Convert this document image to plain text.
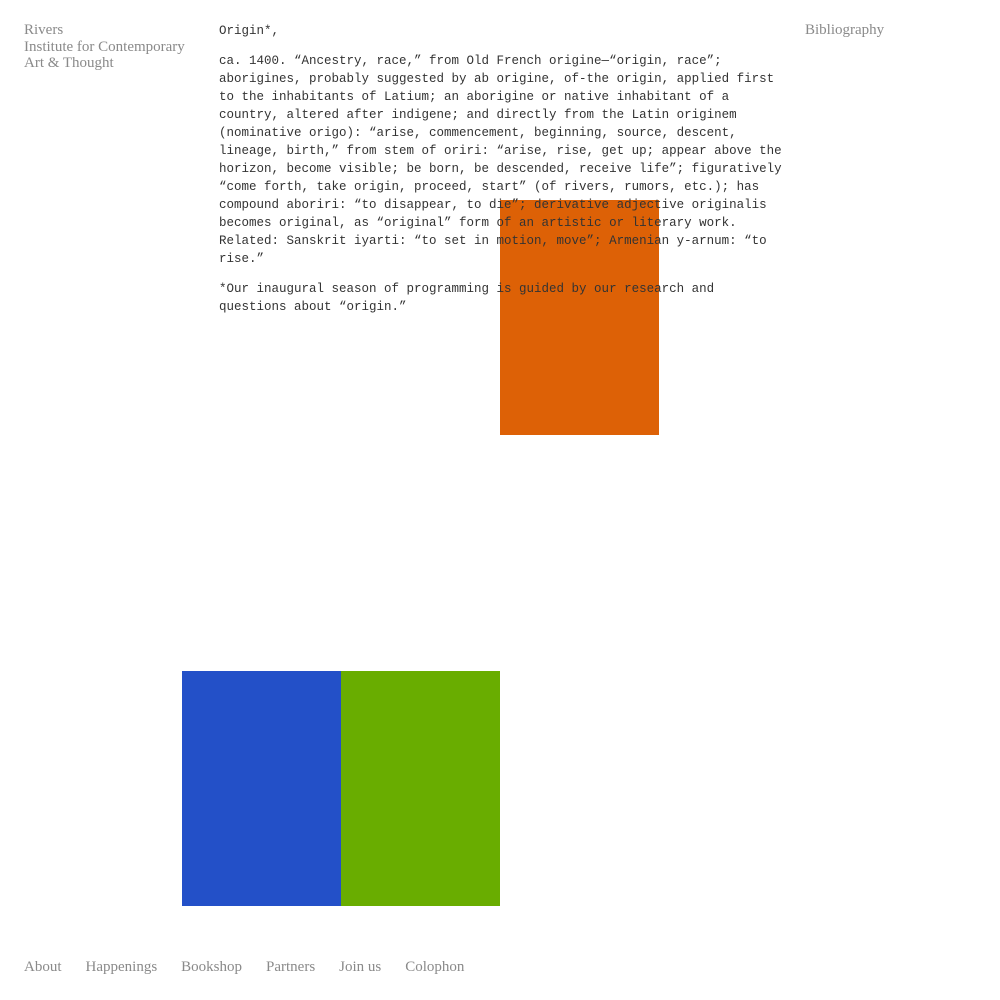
Rivers
Institute for Contemporary
Art & Thought
Bibliography

Origin*,

ca. 1400. “Ancestry, race,” from Old French origine—“origin, race”; aborigines, probably suggested by ab origine, of-the origin, applied first to the inhabitants of Latium; an aborigine or native inhabitant of a country, altered after indigene; and directly from the Latin originem (nominative origo): “arise, commencement, beginning, source, descent, lineage, birth,” from stem of oriri: “arise, rise, get up; appear above the horizon, become visible; be born, be descended, receive life”; figuratively “come forth, take origin, proceed, start” (of rivers, rumors, etc.); has compound aboriri: “to disappear, to die”; derivative adjective originalis becomes original, as “original” form of an artistic or literary work. Related: Sanskrit iyarti: “to set in motion, move”; Armenian y-arnum: “to rise.”

*Our inaugural season of programming is guided by our research and questions about “origin.”

About Happenings Bookshop Partners Join us Colophon
